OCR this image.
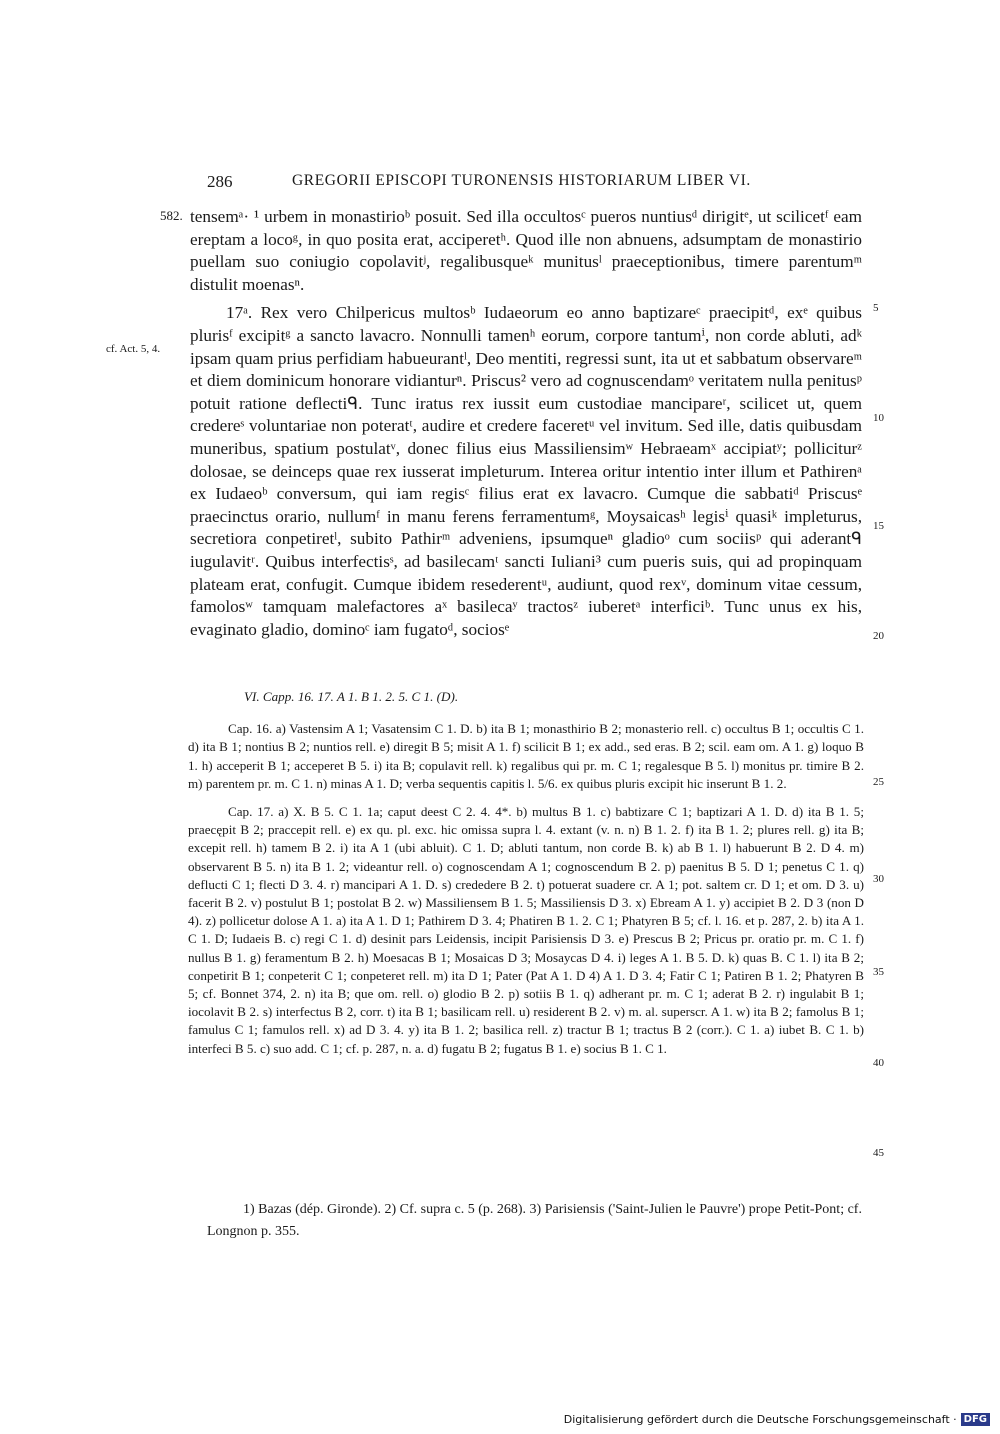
286	GREGORII EPISCOPI TURONENSIS HISTORIARUM LIBER VI.
582.
cf. Act. 5, 4.

tensemᵃ· ¹ urbem in monastirioᵇ posuit. Sed illa occultosᶜ pueros nuntiusᵈ dirigitᵉ, ut scilicetᶠ eam ereptam a locoᵍ, in quo posita erat, acciperetʰ. Quod ille non abnuens, adsumptam de monastirio puellam suo coniugio copolavitʲ, regalibusqueᵏ munitusˡ praeceptionibus, timere parentumᵐ distulit moenasⁿ.

17ᵃ. Rex vero Chilpericus multosᵇ Iudaeorum eo anno baptizareᶜ praecipitᵈ, exᵉ quibus plurisᶠ excipitᵍ a sancto lavacro. Nonnulli tamenʰ eorum, corpore tantumⁱ, non corde abluti, adᵏ ipsam quam prius perfidiam habueurantˡ, Deo mentiti, regressi sunt, ita ut et sabbatum observareᵐ et diem dominicum honorare vidianturⁿ. Priscus² vero ad cognuscendamᵒ veritatem nulla penitusᵖ potuit ratione deflectiᑫ. Tunc iratus rex iussit eum custodiae mancipareʳ, scilicet ut, quem credereˢ voluntariae non poteratᵗ, audire et credere faceretᵘ vel invitum. Sed ille, datis quibusdam muneribus, spatium postulatᵛ, donec filius eius Massiliensimʷ Hebraeamˣ accipiatʸ; polliciturᶻ dolosae, se deinceps quae rex iusserat impleturum. Interea oritur intentio inter illum et Pathirenᵃ ex Iudaeoᵇ conversum, qui iam regisᶜ filius erat ex lavacro. Cumque die sabbatiᵈ Priscusᵉ praecinctus orario, nullumᶠ in manu ferens ferramentumᵍ, Moysaicasʰ legisⁱ quasiᵏ impleturus, secretiora conpetiretˡ, subito Pathirᵐ adveniens, ipsumqueⁿ gladioᵒ cum sociisᵖ qui aderantᑫ iugulavitʳ. Quibus interfectisˢ, ad basilecamᵗ sancti Iuliani³ cum pueris suis, qui ad propinquam plateam erat, confugit. Cumque ibidem resederentᵘ, audiunt, quod rexᵛ, dominum vitae cessum, famolosʷ tamquam malefactores aˣ basilecaʸ tractosᶻ iuberetᵃ interficiᵇ. Tunc unus ex his, evaginato gladio, dominoᶜ iam fugatoᵈ, sociosᵉ

5
10
15
20
25
30
35
40
45

VI. Capp. 16. 17. A 1. B 1. 2. 5. C 1. (D).

Cap. 16. a) Vastensim A 1; Vasatensim C 1. D. b) ita B 1; monasthirio B 2; monasterio rell. c) occultus B 1; occultis C 1. d) ita B 1; nontius B 2; nuntios rell. e) diregit B 5; misit A 1. f) scilicit B 1; ex add., sed eras. B 2; scil. eam om. A 1. g) loquo B 1. h) acceperit B 1; acceperet B 5. i) ita B; copulavit rell. k) regalibus qui pr. m. C 1; regalesque B 5. l) monitus pr. timire B 2. m) parentem pr. m. C 1. n) minas A 1. D; verba sequentis capitis l. 5/6. ex quibus pluris excipit hic inserunt B 1. 2.

Cap. 17. a) X. B 5. C 1. 1a; caput deest C 2. 4. 4*. b) multus B 1. c) babtizare C 1; baptizari A 1. D. d) ita B 1. 5; praecępit B 2; praccepit rell. e) ex qu. pl. exc. hic omissa supra l. 4. extant (v. n. n) B 1. 2. f) ita B 1. 2; plures rell. g) ita B; excepit rell. h) tamem B 2. i) ita A 1 (ubi abluit). C 1. D; abluti tantum, non corde B. k) ab B 1. l) habuerunt B 2. D 4. m) observarent B 5. n) ita B 1. 2; videantur rell. o) cognoscendam A 1; cognoscendum B 2. p) paenitus B 5. D 1; penetus C 1. q) deflucti C 1; flecti D 3. 4. r) mancipari A 1. D. s) crededere B 2. t) potuerat suadere cr. A 1; pot. saltem cr. D 1; et om. D 3. u) facerit B 2. v) postulut B 1; postolat B 2. w) Massiliensem B 1. 5; Massiliensis D 3. x) Ebream A 1. y) accipiet B 2. D 3 (non D 4). z) pollicetur dolose A 1. a) ita A 1. D 1; Pathirem D 3. 4; Phatiren B 1. 2. C 1; Phatyren B 5; cf. l. 16. et p. 287, 2. b) ita A 1. C 1. D; Iudaeis B. c) regi C 1. d) desinit pars Leidensis, incipit Parisiensis D 3. e) Prescus B 2; Pricus pr. oratio pr. m. C 1. f) nullus B 1. g) feramentum B 2. h) Moesacas B 1; Mosaicas D 3; Mosaycas D 4. i) leges A 1. B 5. D. k) quas B. C 1. l) ita B 2; conpetirit B 1; conpeterit C 1; conpeteret rell. m) ita D 1; Pater (Pat A 1. D 4) A 1. D 3. 4; Fatir C 1; Patiren B 1. 2; Phatyren B 5; cf. Bonnet 374, 2. n) ita B; que om. rell. o) glodio B 2. p) sotiis B 1. q) adherant pr. m. C 1; aderat B 2. r) ingulabit B 1; iocolavit B 2. s) interfectus B 2, corr. t) ita B 1; basilicam rell. u) residerent B 2. v) m. al. superscr. A 1. w) ita B 2; famolus B 1; famulus C 1; famulos rell. x) ad D 3. 4. y) ita B 1. 2; basilica rell. z) tractur B 1; tractus B 2 (corr.). C 1. a) iubet B. C 1. b) interfeci B 5. c) suo add. C 1; cf. p. 287, n. a. d) fugatu B 2; fugatus B 1. e) socius B 1. C 1.

1) Bazas (dép. Gironde). 2) Cf. supra c. 5 (p. 268). 3) Parisiensis ('Saint-Julien le Pauvre') prope Petit-Pont; cf. Longnon p. 355.

Digitalisierung gefördert durch die Deutsche Forschungsgemeinschaft · DFG
